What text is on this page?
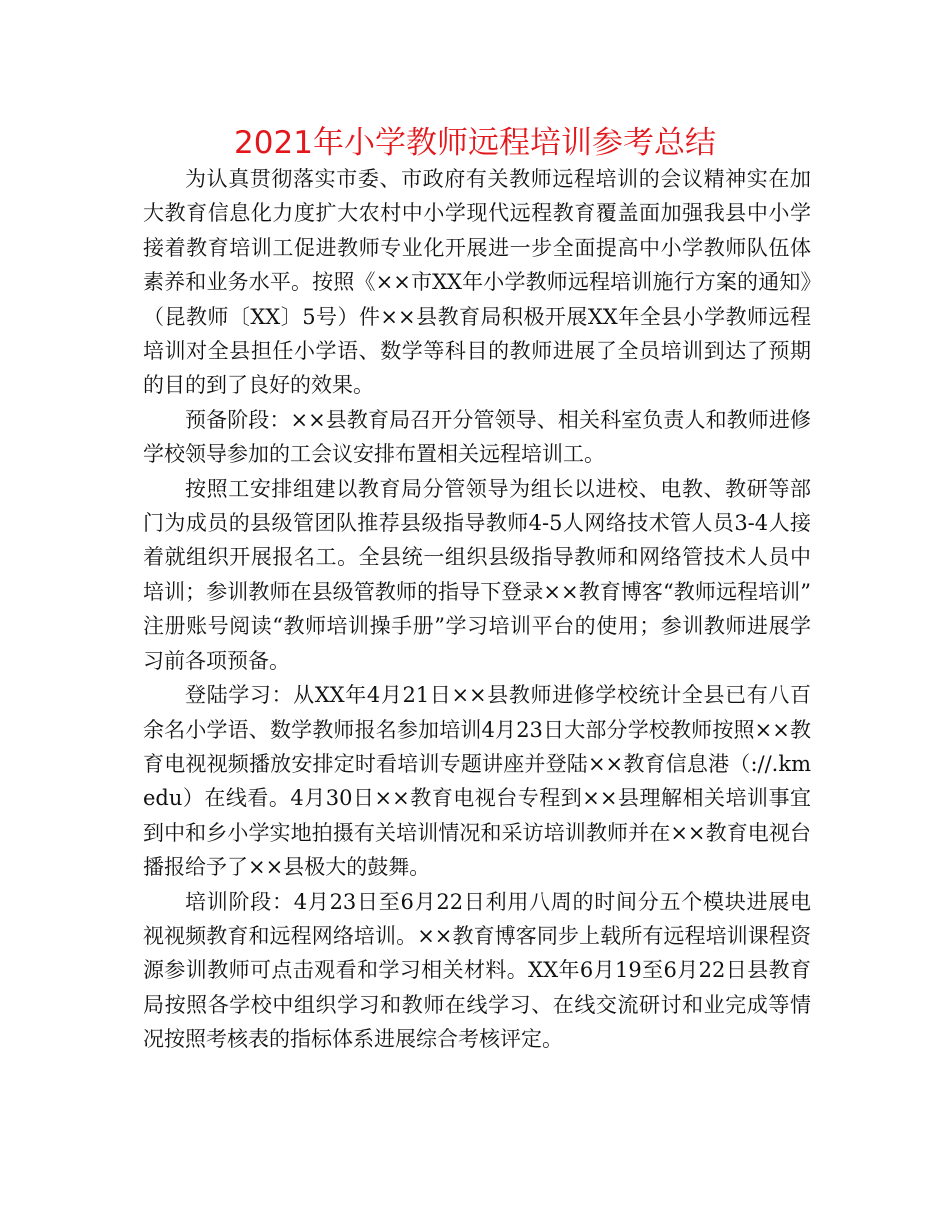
2021年小学教师远程培训参考总结

为认真贯彻落实市委、市政府有关教师远程培训的会议精神实在加大教育信息化力度扩大农村中小学现代远程教育覆盖面加强我县中小学接着教育培训工促进教师专业化开展进一步全面提高中小学教师队伍体素养和业务水平。按照《××市XX年小学教师远程培训施行方案的通知》（昆教师〔XX〕5号）件××县教育局积极开展XX年全县小学教师远程培训对全县担任小学语、数学等科目的教师进展了全员培训到达了预期的目的到了良好的效果。

预备阶段：××县教育局召开分管领导、相关科室负责人和教师进修学校领导参加的工会议安排布置相关远程培训工。

按照工安排组建以教育局分管领导为组长以进校、电教、教研等部门为成员的县级管团队推荐县级指导教师4-5人网络技术管人员3-4人接着就组织开展报名工。全县统一组织县级指导教师和网络管技术人员中培训；参训教师在县级管教师的指导下登录××教育博客“教师远程培训”注册账号阅读“教师培训操手册”学习培训平台的使用；参训教师进展学习前各项预备。

登陆学习：从XX年4月21日××县教师进修学校统计全县已有八百余名小学语、数学教师报名参加培训4月23日大部分学校教师按照××教育电视视频播放安排定时看培训专题讲座并登陆××教育信息港（://.kmedu）在线看。4月30日××教育电视台专程到××县理解相关培训事宜到中和乡小学实地拍摄有关培训情况和采访培训教师并在××教育电视台播报给予了××县极大的鼓舞。

培训阶段：4月23日至6月22日利用八周的时间分五个模块进展电视视频教育和远程网络培训。××教育博客同步上载所有远程培训课程资源参训教师可点击观看和学习相关材料。XX年6月19至6月22日县教育局按照各学校中组织学习和教师在线学习、在线交流研讨和业完成等情况按照考核表的指标体系进展综合考核评定。
